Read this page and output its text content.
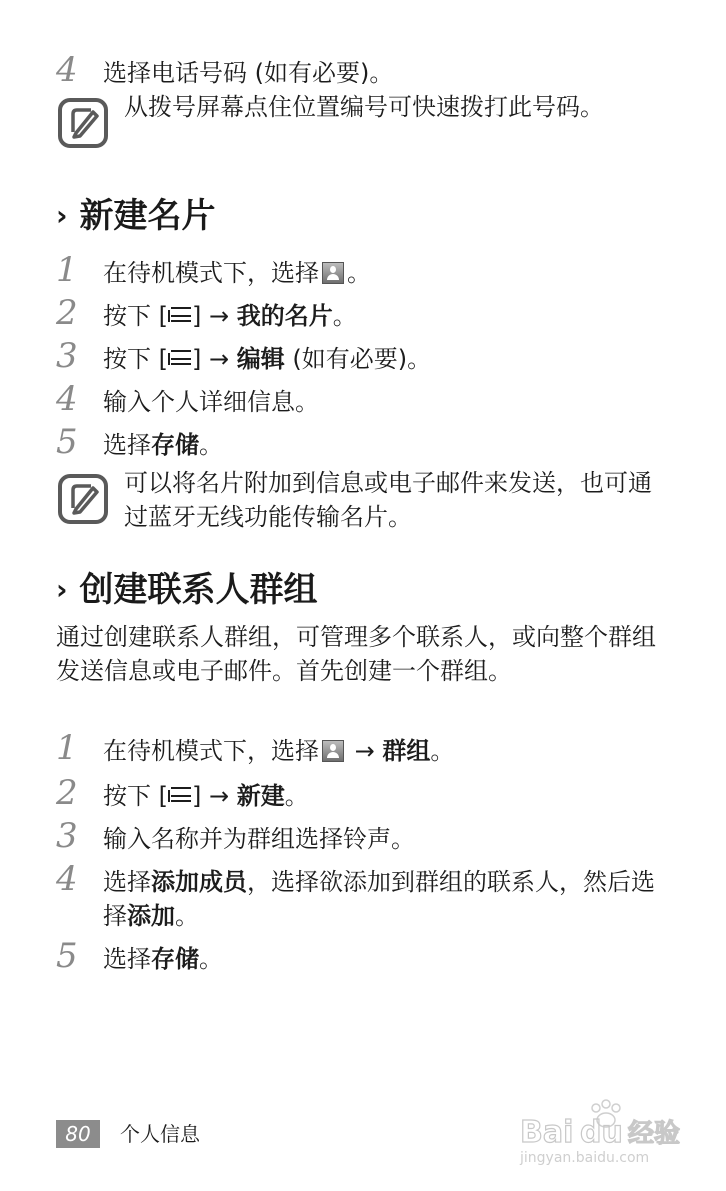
4 选择电话号码 (如有必要)。
从拨号屏幕点住位置编号可快速拨打此号码。
› 新建名片
1 在待机模式下，选择 。
2 按下 [ ] → 我的名片。
3 按下 [ ] → 编辑 (如有必要)。
4 输入个人详细信息。
5 选择存储。
可以将名片附加到信息或电子邮件来发送，也可通过蓝牙无线功能传输名片。
› 创建联系人群组
通过创建联系人群组，可管理多个联系人，或向整个群组发送信息或电子邮件。首先创建一个群组。
1 在待机模式下，选择 → 群组。
2 按下 [ ] → 新建。
3 输入名称并为群组选择铃声。
4 选择添加成员，选择欲添加到群组的联系人，然后选择添加。
5 选择存储。
80	个人信息	Bai du 经验
jingyan.baidu.com
